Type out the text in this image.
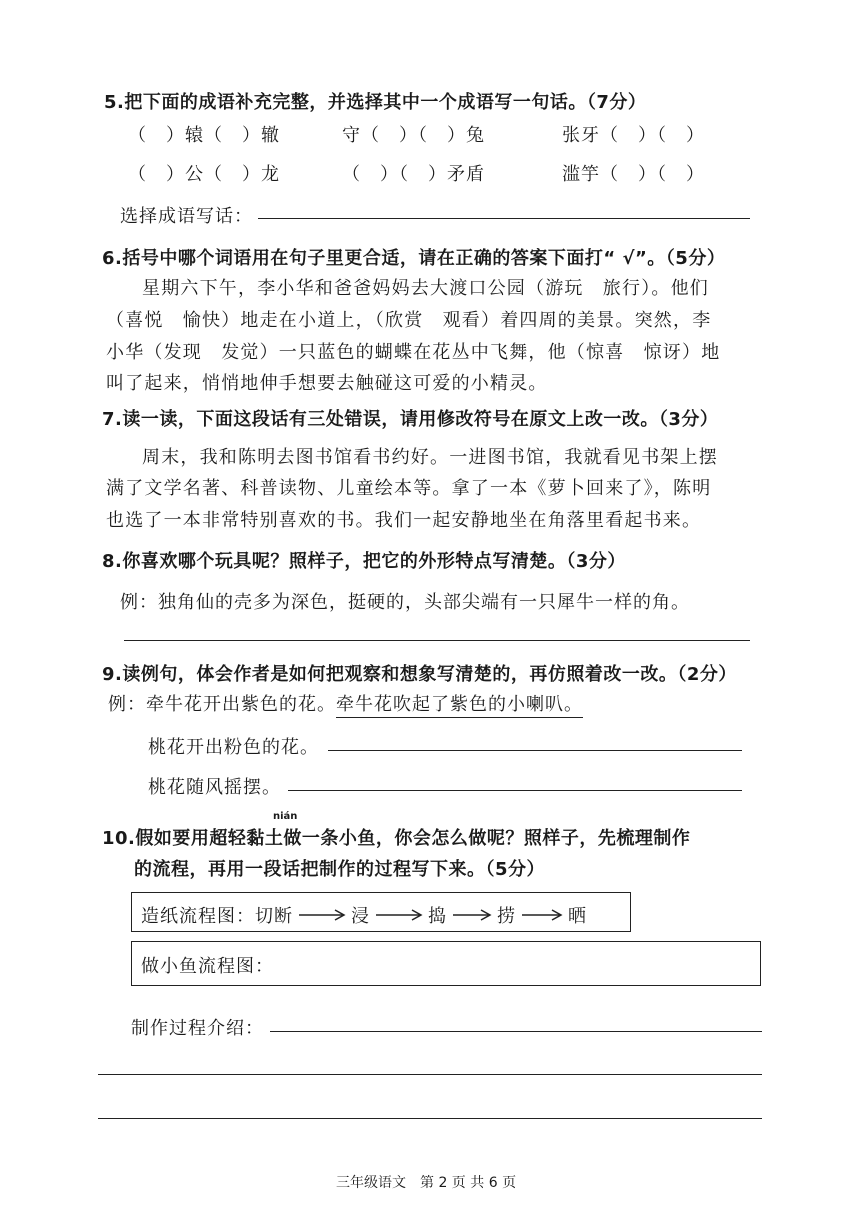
5.把下面的成语补充完整，并选择其中一个成语写一句话。（7分）
（　）辕（　）辙	守（　）（　）兔	张牙（　）（　）
（　）公（　）龙	（　）（　）矛盾	滥竽（　）（　）
选择成语写话：
6.括号中哪个词语用在句子里更合适，请在正确的答案下面打“ √”。（5分）
星期六下午，李小华和爸爸妈妈去大渡口公园（游玩　旅行）。他们
（喜悦　愉快）地走在小道上，（欣赏　观看）着四周的美景。突然，李
小华（发现　发觉）一只蓝色的蝴蝶在花丛中飞舞，他（惊喜　惊讶）地
叫了起来，悄悄地伸手想要去触碰这可爱的小精灵。
7.读一读，下面这段话有三处错误，请用修改符号在原文上改一改。（3分）
周末，我和陈明去图书馆看书约好。一进图书馆，我就看见书架上摆
满了文学名著、科普读物、儿童绘本等。拿了一本《萝卜回来了》，陈明
也选了一本非常特别喜欢的书。我们一起安静地坐在角落里看起书来。
8.你喜欢哪个玩具呢？照样子，把它的外形特点写清楚。（3分）
例：独角仙的壳多为深色，挺硬的，头部尖端有一只犀牛一样的角。
9.读例句，体会作者是如何把观察和想象写清楚的，再仿照着改一改。（2分）
例：牵牛花开出紫色的花。牵牛花吹起了紫色的小喇叭。
桃花开出粉色的花。
桃花随风摇摆。
nián
10.假如要用超轻黏土做一条小鱼，你会怎么做呢？照样子，先梳理制作
的流程，再用一段话把制作的过程写下来。（5分）
造纸流程图： 切断	浸	捣	捞	晒
做小鱼流程图：
制作过程介绍：
三年级语文　第 2 页 共 6 页
